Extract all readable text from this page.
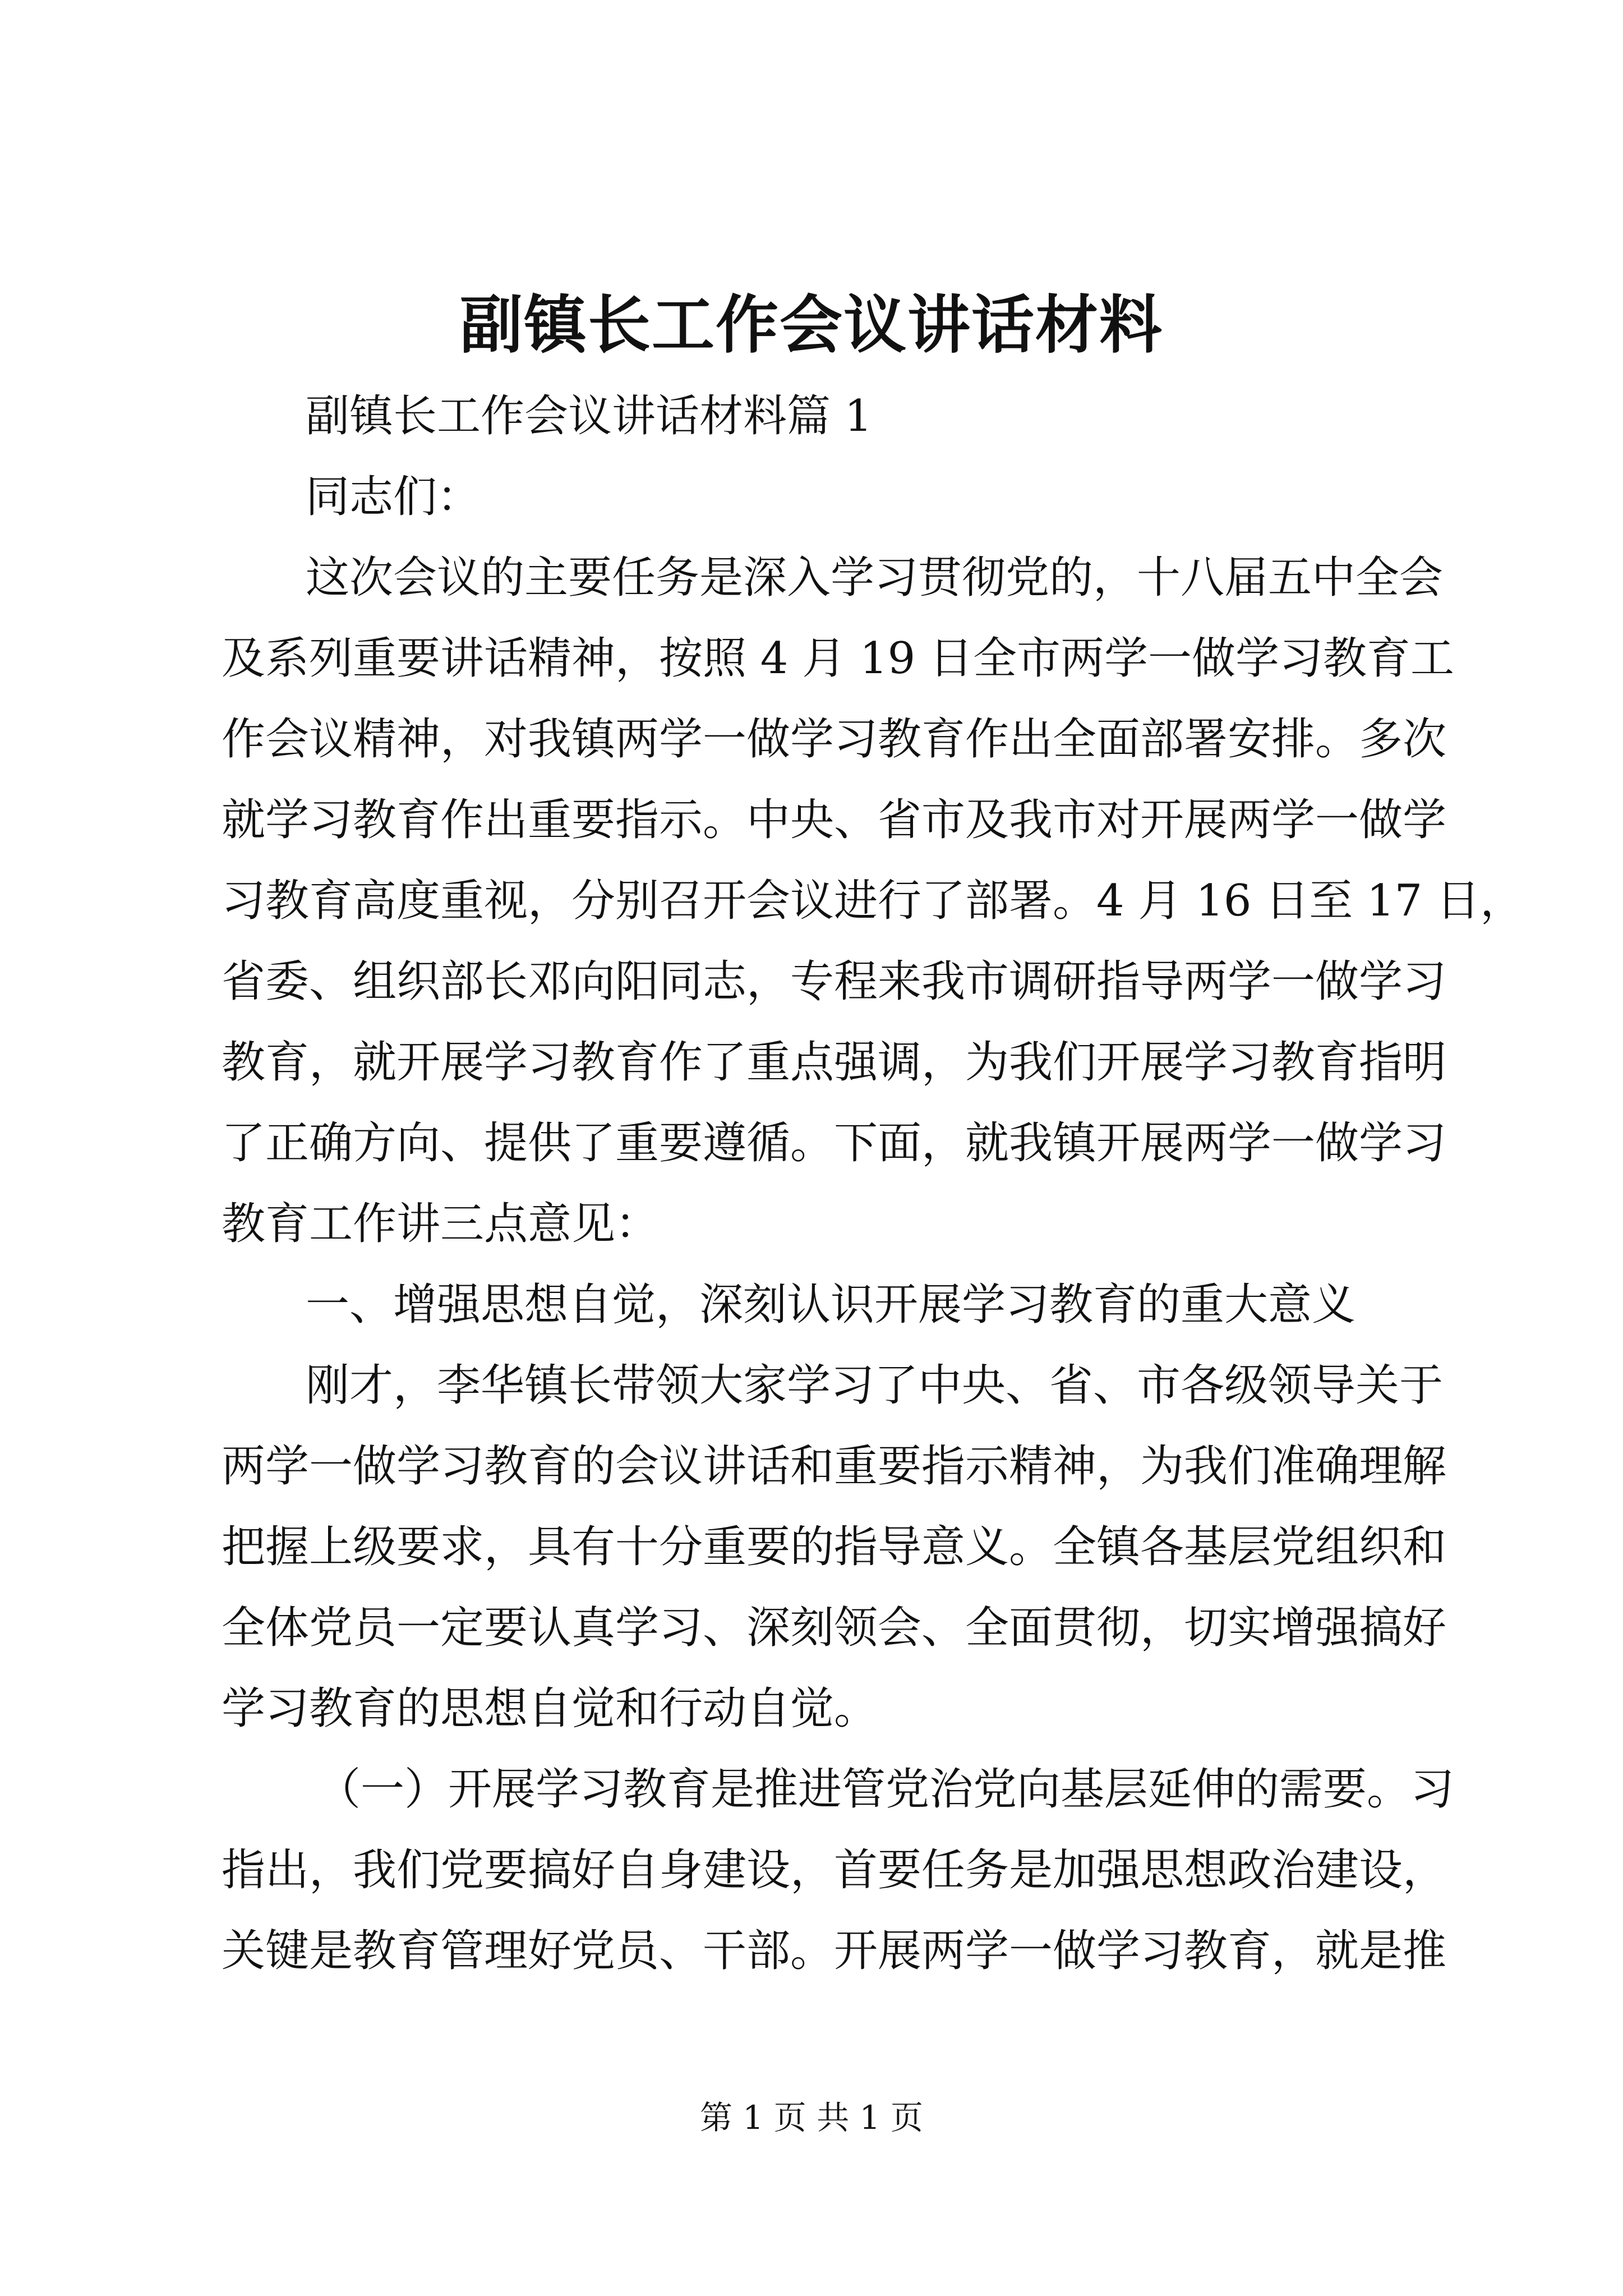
副镇长工作会议讲话材料
副镇长工作会议讲话材料篇 1
同志们：
这次会议的主要任务是深入学习贯彻党的，十八届五中全会
及系列重要讲话精神，按照 4 月 19 日全市两学一做学习教育工
作会议精神，对我镇两学一做学习教育作出全面部署安排。多次
就学习教育作出重要指示。中央、省市及我市对开展两学一做学
习教育高度重视，分别召开会议进行了部署。4 月 16 日至 17 日，
省委、组织部长邓向阳同志，专程来我市调研指导两学一做学习
教育，就开展学习教育作了重点强调，为我们开展学习教育指明
了正确方向、提供了重要遵循。下面，就我镇开展两学一做学习
教育工作讲三点意见：
一、增强思想自觉，深刻认识开展学习教育的重大意义
刚才，李华镇长带领大家学习了中央、省、市各级领导关于
两学一做学习教育的会议讲话和重要指示精神，为我们准确理解
把握上级要求，具有十分重要的指导意义。全镇各基层党组织和
全体党员一定要认真学习、深刻领会、全面贯彻，切实增强搞好
学习教育的思想自觉和行动自觉。
（一）开展学习教育是推进管党治党向基层延伸的需要。习
指出，我们党要搞好自身建设，首要任务是加强思想政治建设，
关键是教育管理好党员、干部。开展两学一做学习教育，就是推
第 1 页 共 1 页
